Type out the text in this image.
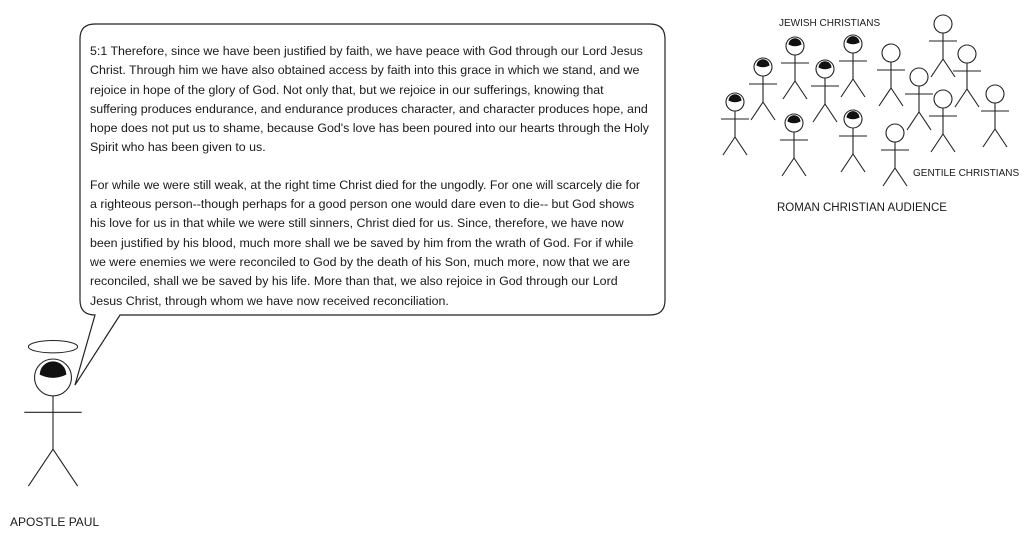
5:1 Therefore, since we have been justified by faith, we have peace with God through our Lord Jesus Christ. Through him we have also obtained access by faith into this grace in which we stand, and we rejoice in hope of the glory of God. Not only that, but we rejoice in our sufferings, knowing that suffering produces endurance, and endurance produces character, and character produces hope, and hope does not put us to shame, because God's love has been poured into our hearts through the Holy Spirit who has been given to us.

For while we were still weak, at the right time Christ died for the ungodly. For one will scarcely die for a righteous person--though perhaps for a good person one would dare even to die-- but God shows his love for us in that while we were still sinners, Christ died for us. Since, therefore, we have now been justified by his blood, much more shall we be saved by him from the wrath of God. For if while we were enemies we were reconciled to God by the death of his Son, much more, now that we are reconciled, shall we be saved by his life. More than that, we also rejoice in God through our Lord Jesus Christ, through whom we have now received reconciliation.

APOSTLE PAUL
JEWISH CHRISTIANS
GENTILE CHRISTIANS
ROMAN CHRISTIAN AUDIENCE
